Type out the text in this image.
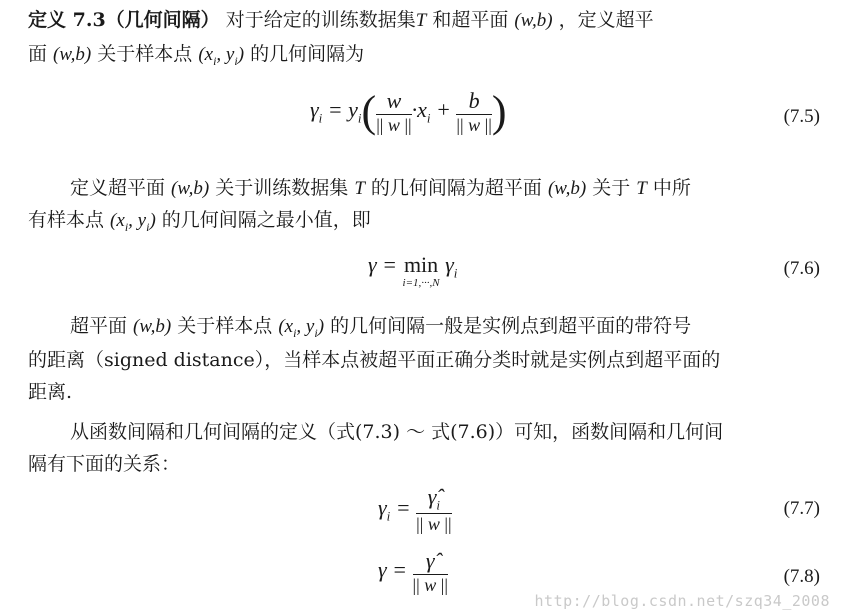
定义 7.3（几何间隔） 对于给定的训练数据集T 和超平面 (w,b) ，定义超平
面 (w,b) 关于样本点 ($x_i$, $y_i$) 的几何间隔为
$\gamma_i = y_i( \frac{w}{|| w ||} \cdot x_i + \frac{b}{|| w ||}$ )	(7.5)
定义超平面 (w,b) 关于训练数据集 T 的几何间隔为超平面 (w,b) 关于 T 中所
有样本点 ($x_i$, $y_i$) 的几何间隔之最小值，即
γ = min
i=1,···,N
$\gamma_i$	(7.6)
超平面 (w,b) 关于样本点 ($x_i$, $y_i$) 的几何间隔一般是实例点到超平面的带符号
的距离（signed distance），当样本点被超平面正确分类时就是实例点到超平面的
距离.
从函数间隔和几何间隔的定义（式(7.3) ～ 式(7.6)）可知，函数间隔和几何间
隔有下面的关系：
$\gamma_i = \frac{\gammâ_i}{|| w ||}$	(7.7)
$\gamma = \frac{\gammâ}{|| w ||}$	(7.8)
http://blog.csdn.net/szq34_2008
